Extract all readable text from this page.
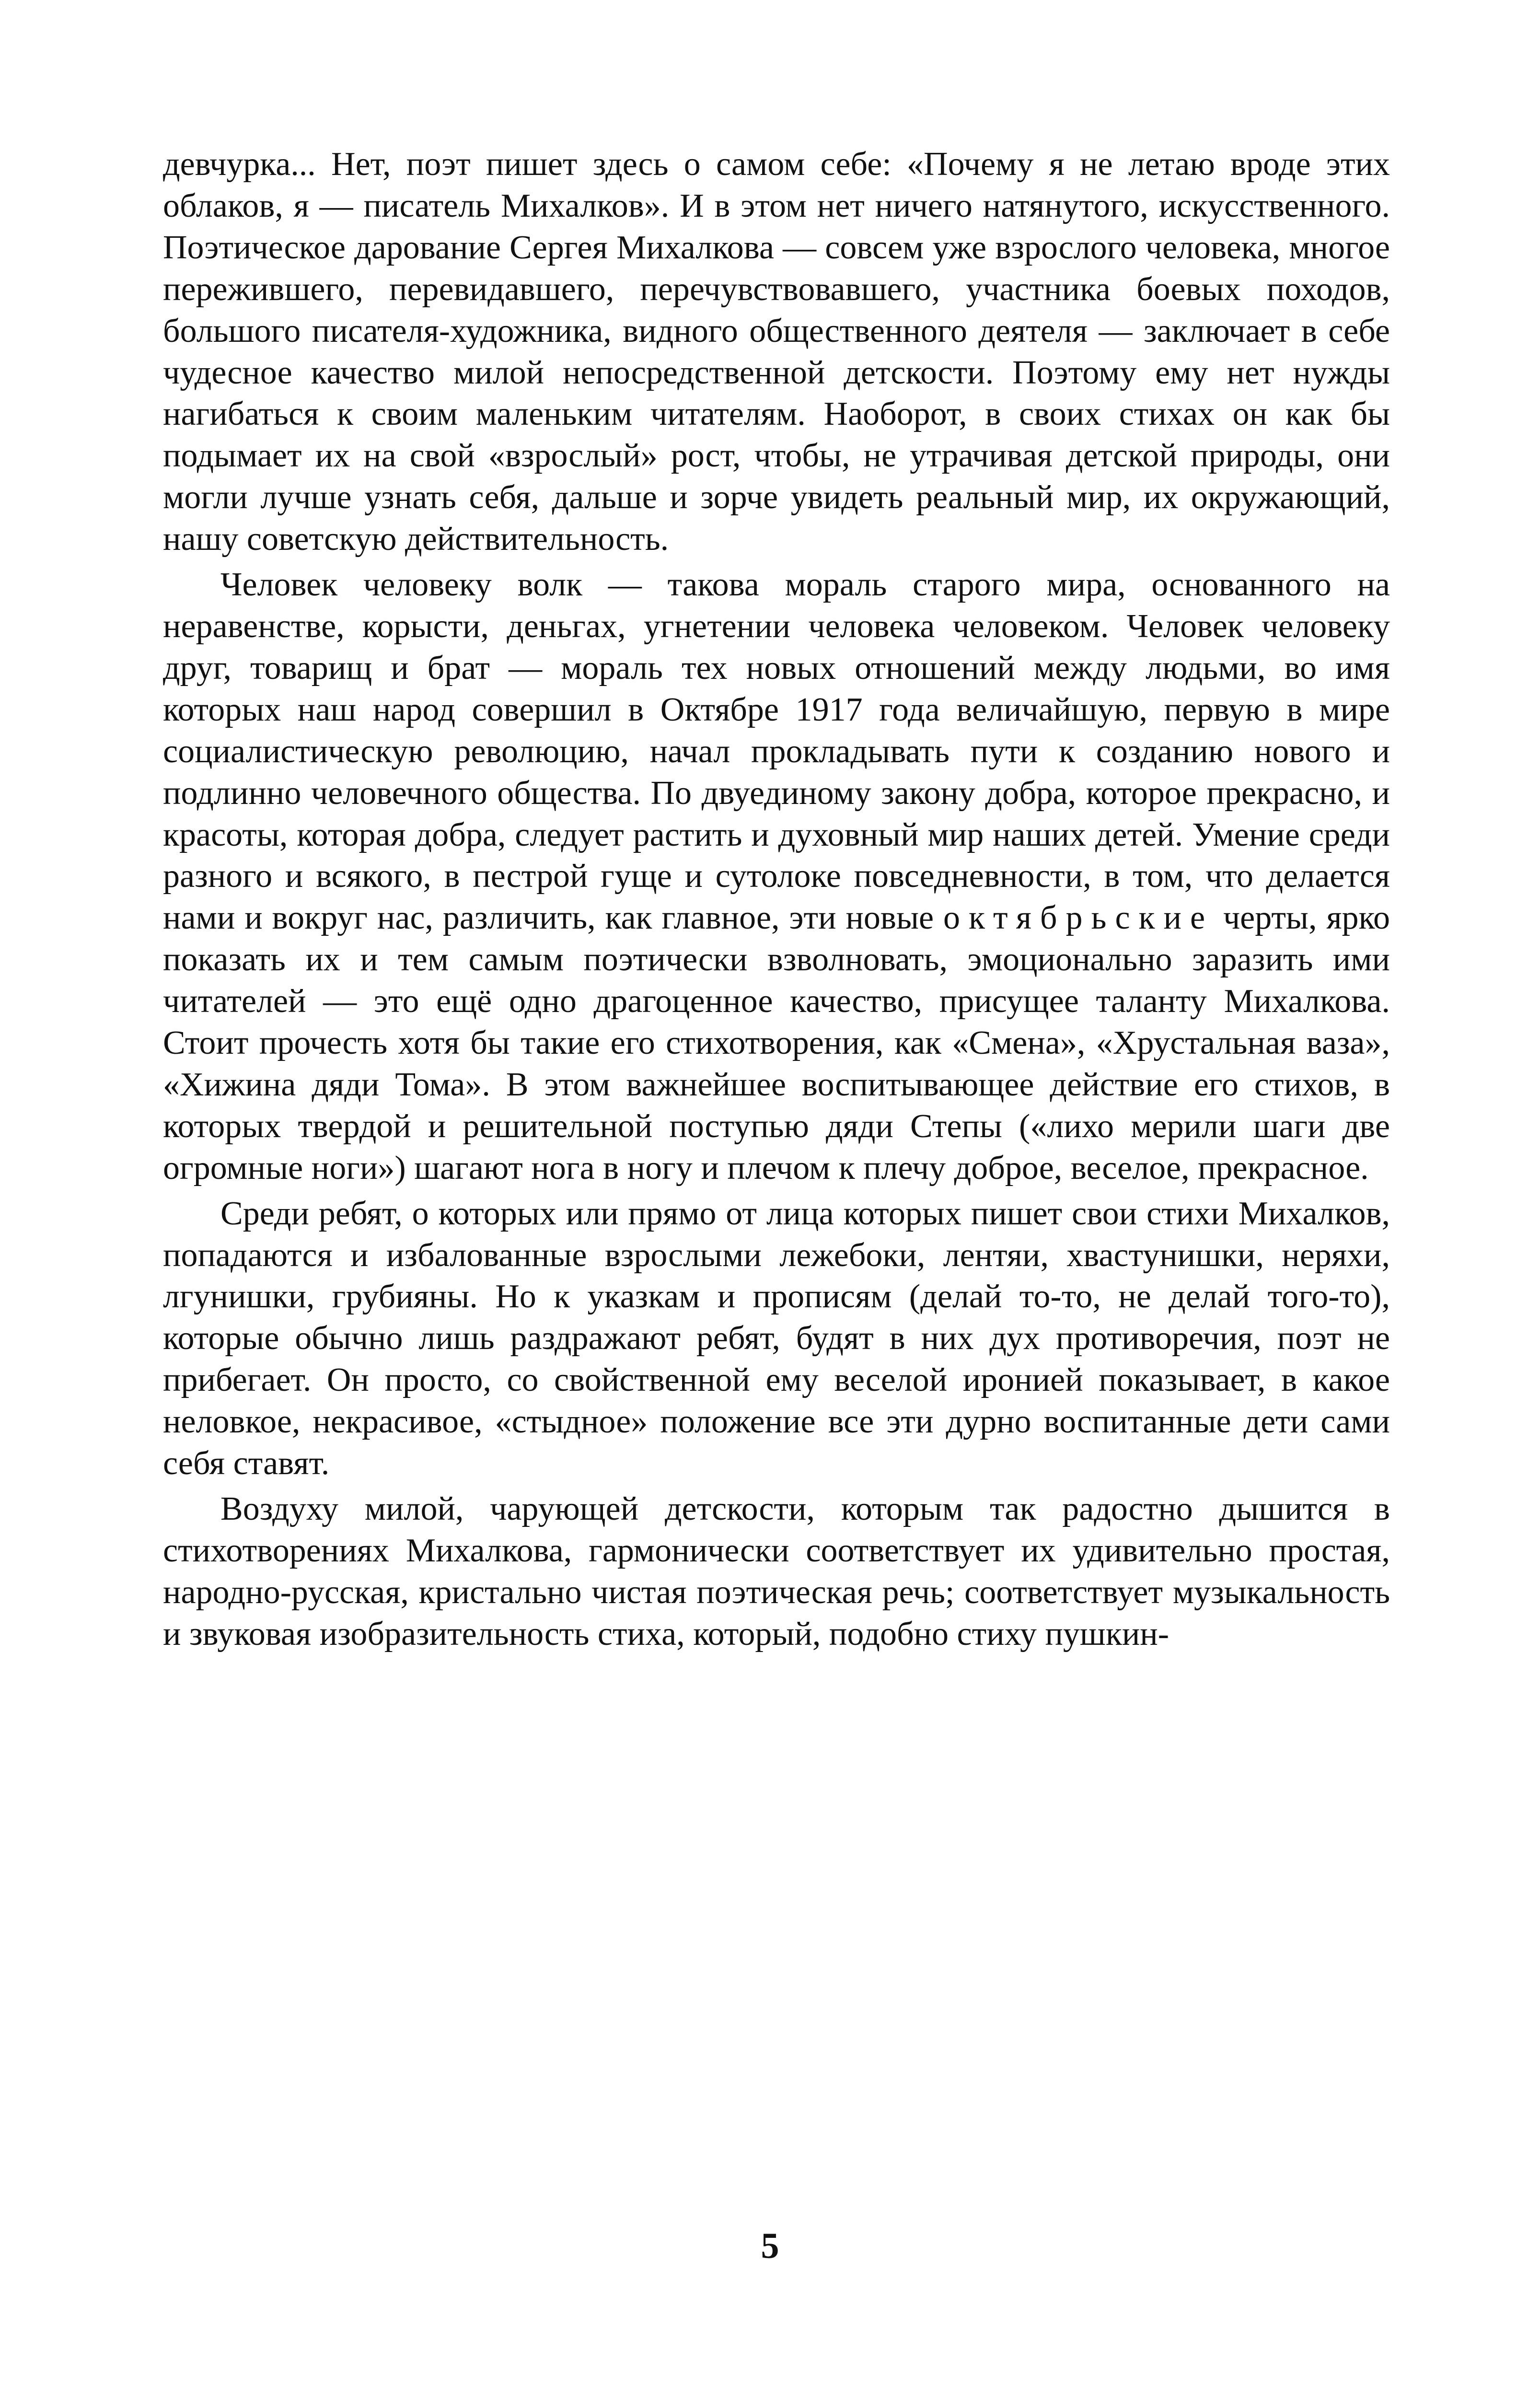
девчурка... Нет, поэт пишет здесь о самом себе: «Почему я не летаю вроде этих облаков, я — писатель Михалков». И в этом нет ничего натянутого, искусственного. Поэтическое дарование Сергея Михалкова — совсем уже взрослого человека, многое пережившего, перевидавшего, перечувствовавшего, участника боевых походов, большого писателя-художника, видного общественного деятеля — заключает в себе чудесное качество милой непосредственной детскости. Поэтому ему нет нужды нагибаться к своим маленьким читателям. Наоборот, в своих стихах он как бы подымает их на свой «взрослый» рост, чтобы, не утрачивая детской природы, они могли лучше узнать себя, дальше и зорче увидеть реальный мир, их окружающий, нашу советскую действительность.

Человек человеку волк — такова мораль старого мира, основанного на неравенстве, корысти, деньгах, угнетении человека человеком. Человек человеку друг, товарищ и брат — мораль тех новых отношений между людьми, во имя которых наш народ совершил в Октябре 1917 года величайшую, первую в мире социалистическую революцию, начал прокладывать пути к созданию нового и подлинно человечного общества. По двуединому закону добра, которое прекрасно, и красоты, которая добра, следует растить и духовный мир наших детей. Умение среди разного и всякого, в пестрой гуще и сутолоке повседневности, в том, что делается нами и вокруг нас, различить, как главное, эти новые октябрьские черты, ярко показать их и тем самым поэтически взволновать, эмоционально заразить ими читателей — это ещё одно драгоценное качество, присущее таланту Михалкова. Стоит прочесть хотя бы такие его стихотворения, как «Смена», «Хрустальная ваза», «Хижина дяди Тома». В этом важнейшее воспитывающее действие его стихов, в которых твердой и решительной поступью дяди Степы («лихо мерили шаги две огромные ноги») шагают нога в ногу и плечом к плечу доброе, веселое, прекрасное.

Среди ребят, о которых или прямо от лица которых пишет свои стихи Михалков, попадаются и избалованные взрослыми лежебоки, лентяи, хвастунишки, неряхи, лгунишки, грубияны. Но к указкам и прописям (делай то-то, не делай того-то), которые обычно лишь раздражают ребят, будят в них дух противоречия, поэт не прибегает. Он просто, со свойственной ему веселой иронией показывает, в какое неловкое, некрасивое, «стыдное» положение все эти дурно воспитанные дети сами себя ставят.

Воздуху милой, чарующей детскости, которым так радостно дышится в стихотворениях Михалкова, гармонически соответствует их удивительно простая, народно-русская, кристально чистая поэтическая речь; соответствует музыкальность и звуковая изобразительность стиха, который, подобно стиху пушкин-

5
